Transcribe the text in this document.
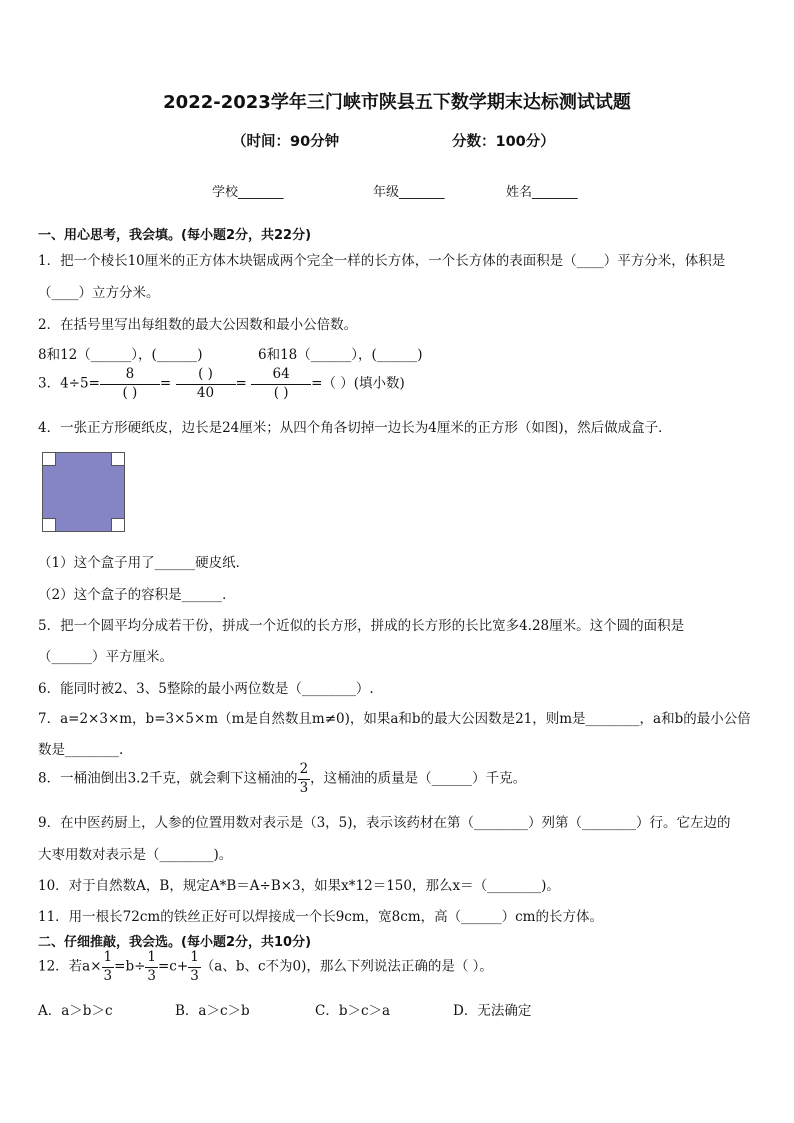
2022-2023学年三门峡市陕县五下数学期末达标测试试题
（时间：90分钟	分数：100分）
学校_______	年级_______	姓名_______
一、用心思考，我会填。(每小题2分，共22分)
1．把一个棱长10厘米的正方体木块锯成两个完全一样的长方体，一个长方体的表面积是（____）平方分米，体积是
（____）立方分米。
2．在括号里写出每组数的最大公因数和最小公倍数。
8和12（______），(______)	6和18（______），(______)
3．$4\div 5= \frac{8}{( )} = \frac{( )}{40} = \frac{64}{( )}$ =（ ）(填小数)
4．一张正方形硬纸皮，边长是24厘米；从四个角各切掉一边长为4厘米的正方形（如图)，然后做成盒子．
（1）这个盒子用了______硬皮纸．
（2）这个盒子的容积是______．
5．把一个圆平均分成若干份，拼成一个近似的长方形，拼成的长方形的长比宽多4.28厘米。这个圆的面积是
（______）平方厘米。
6．能同时被2、3、5整除的最小两位数是（________）.
7．a=2×3×m，b=3×5×m（m是自然数且m≠0)，如果a和b的最大公因数是21，则m是________，a和b的最小公倍
数是________.
8．一桶油倒出3.2千克，就会剩下这桶油的 $\frac{2}{3}$ ，这桶油的质量是（______）千克。
9．在中医药厨上，人参的位置用数对表示是（3，5)，表示该药材在第（________）列第（________）行。它左边的
大枣用数对表示是（________)。
10．对于自然数A，B，规定A*B＝A÷B×3，如果x*12＝150，那么x＝（________)。
11．用一根长72cm的铁丝正好可以焊接成一个长9cm，宽8cm，高（______）cm的长方体。
二、仔细推敲，我会选。(每小题2分，共10分)
12．若$a\times \frac{1}{3} =b\div \frac{1}{3} =c+ \frac{1}{3} (a$、b、c不为0)，那么下列说法正确的是（ ）。
A．a＞b＞c	B．a＞c＞b	C．b＞c＞a	D．无法确定
